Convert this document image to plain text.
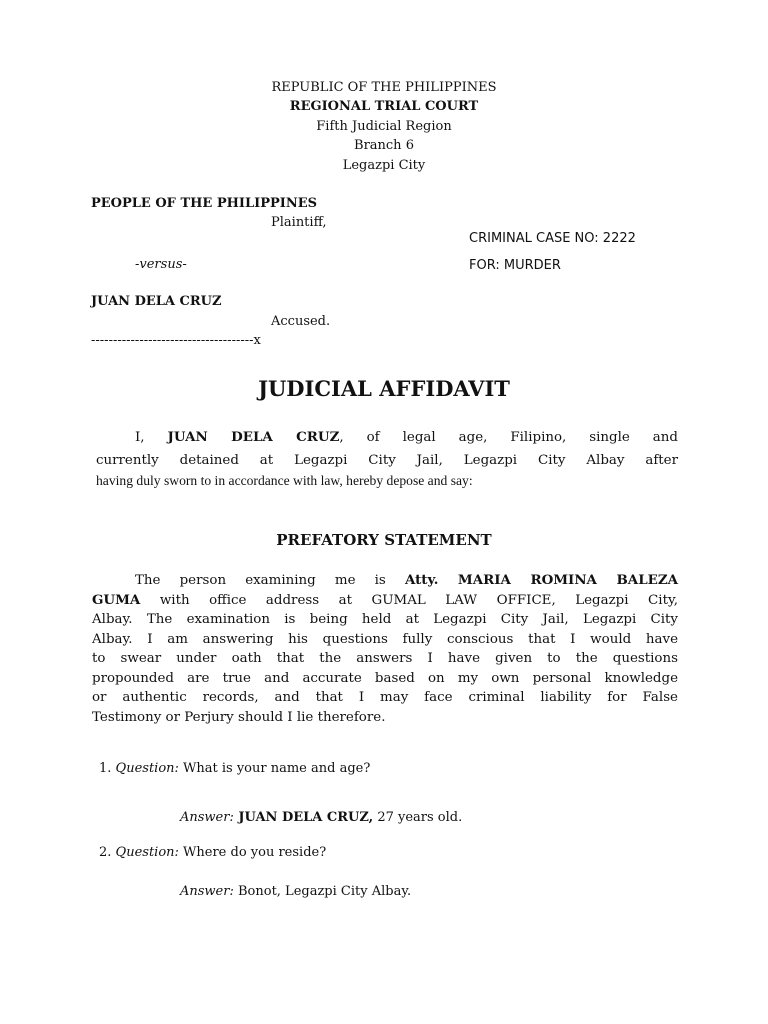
REPUBLIC OF THE PHILIPPINES
REGIONAL TRIAL COURT
Fifth Judicial Region
Branch 6
Legazpi City
PEOPLE OF THE PHILIPPINES
Plaintiff,
CRIMINAL CASE NO: 2222
-versus-	FOR: MURDER
JUAN DELA CRUZ
Accused.
-------------------------------------x
JUDICIAL AFFIDAVIT
I, JUAN DELA CRUZ, of legal age, Filipino, single and
currently detained at Legazpi City Jail, Legazpi City Albay after
having duly sworn to in accordance with law, hereby depose and say:
PREFATORY STATEMENT
The person examining me is Atty. MARIA ROMINA BALEZA
GUMA with office address at GUMAL LAW OFFICE, Legazpi City,
Albay. The examination is being held at Legazpi City Jail, Legazpi City
Albay. I am answering his questions fully conscious that I would have
to swear under oath that the answers I have given to the questions
propounded are true and accurate based on my own personal knowledge
or authentic records, and that I may face criminal liability for False
Testimony or Perjury should I lie therefore.
1. Question: What is your name and age?
Answer: JUAN DELA CRUZ, 27 years old.
2. Question: Where do you reside?
Answer: Bonot, Legazpi City Albay.
